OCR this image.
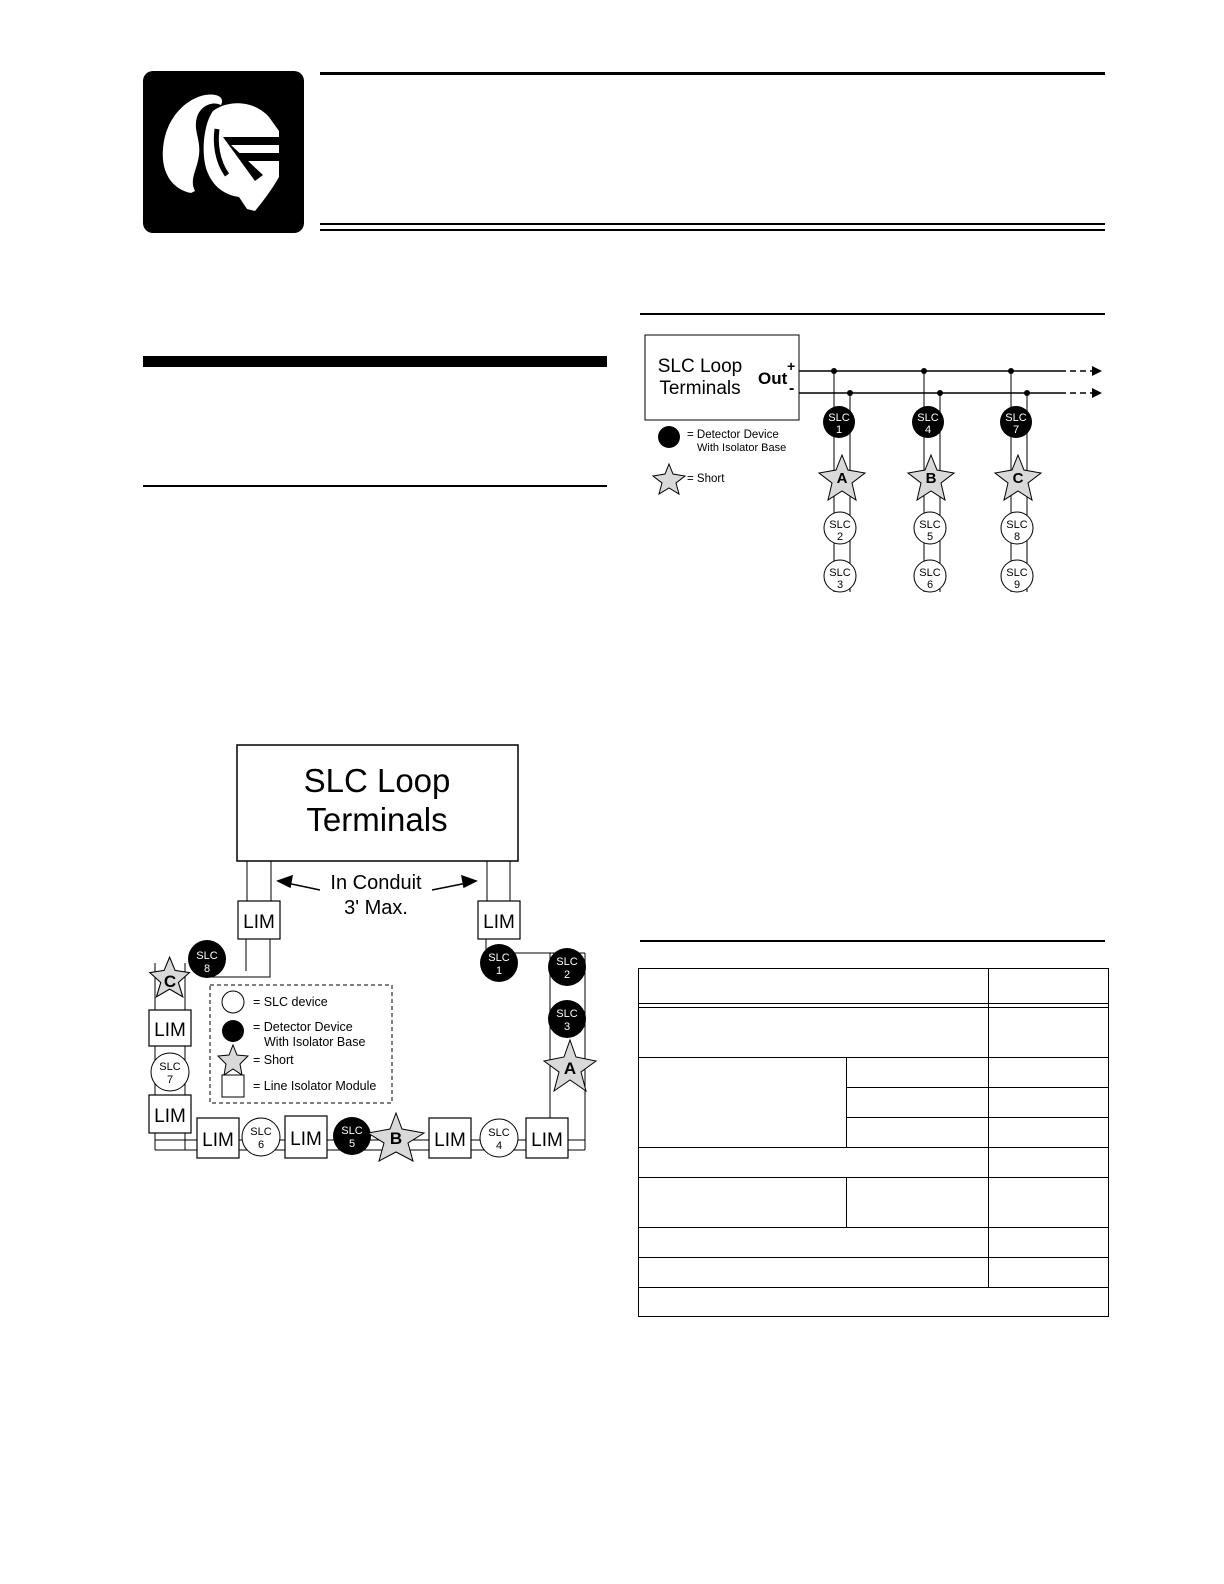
SLC Loop
Terminals
In Conduit
3' Max.
LIM	LIM
LIM
LIM
LIM	LIM	LIM	LIM
SLC
8
SLC
1
SLC
2
SLC
3
SLC
7
SLC
6
SLC
5
SLC
4
C
A
B
= SLC device
= Detector Device
With Isolator Base
= Short
= Line Isolator Module
SLC Loop
Terminals Out
+
-
SLC
1
A
SLC
2
SLC
3
SLC
4
B
SLC
5
SLC
6
SLC
7
C
SLC
8
SLC
9
= Detector Device
With Isolator Base
= Short
